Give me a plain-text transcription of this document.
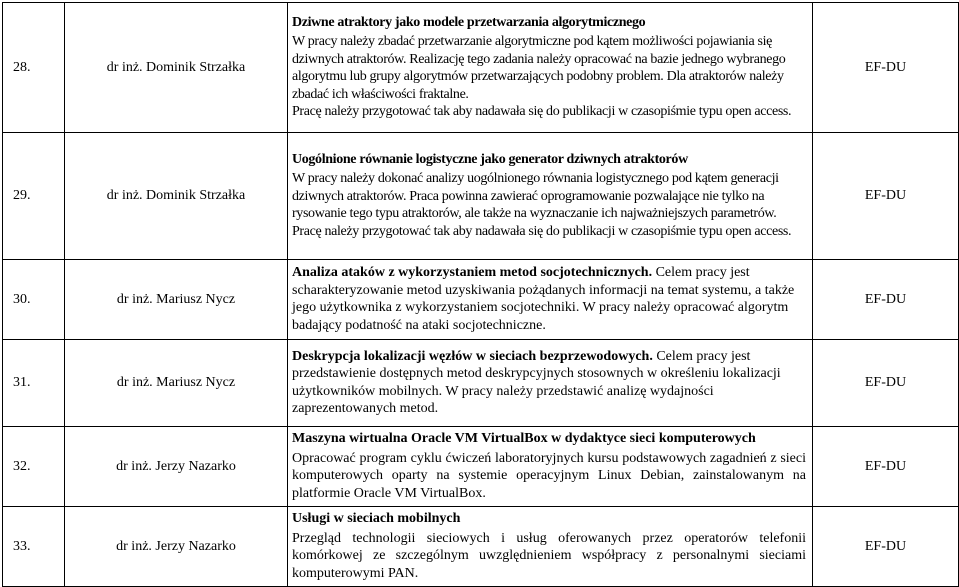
28.	dr inż. Dominik Strzałka	Dziwne atraktory jako modele przetwarzania algorytmicznego
W pracy należy zbadać przetwarzanie algorytmiczne pod kątem możliwości pojawiania się dziwnych atraktorów. Realizację tego zadania należy opracować na bazie jednego wybranego algorytmu lub grupy algorytmów przetwarzających podobny problem. Dla atraktorów należy zbadać ich właściwości fraktalne.
Pracę należy przygotować tak aby nadawała się do publikacji w czasopiśmie typu open access.	EF-DU
29.	dr inż. Dominik Strzałka	Uogólnione równanie logistyczne jako generator dziwnych atraktorów
W pracy należy dokonać analizy uogólnionego równania logistycznego pod kątem generacji dziwnych atraktorów. Praca powinna zawierać oprogramowanie pozwalające nie tylko na rysowanie tego typu atraktorów, ale także na wyznaczanie ich najważniejszych parametrów.
Pracę należy przygotować tak aby nadawała się do publikacji w czasopiśmie typu open access.	EF-DU
30.	dr inż. Mariusz Nycz	Analiza ataków z wykorzystaniem metod socjotechnicznych. Celem pracy jest scharakteryzowanie metod uzyskiwania pożądanych informacji na temat systemu, a także jego użytkownika z wykorzystaniem socjotechniki. W pracy należy opracować algorytm badający podatność na ataki socjotechniczne.	EF-DU
31.	dr inż. Mariusz Nycz	Deskrypcja lokalizacji węzłów w sieciach bezprzewodowych. Celem pracy jest przedstawienie dostępnych metod deskrypcyjnych stosownych w określeniu lokalizacji użytkowników mobilnych. W pracy należy przedstawić analizę wydajności zaprezentowanych metod.	EF-DU
32.	dr inż. Jerzy Nazarko	Maszyna wirtualna Oracle VM VirtualBox w dydaktyce sieci komputerowych
Opracować program cyklu ćwiczeń laboratoryjnych kursu podstawowych zagadnień z sieci komputerowych oparty na systemie operacyjnym Linux Debian, zainstalowanym na platformie Oracle VM VirtualBox.	EF-DU
33.	dr inż. Jerzy Nazarko	Usługi w sieciach mobilnych
Przegląd technologii sieciowych i usług oferowanych przez operatorów telefonii komórkowej ze szczególnym uwzględnieniem współpracy z personalnymi sieciami komputerowymi PAN.	EF-DU
